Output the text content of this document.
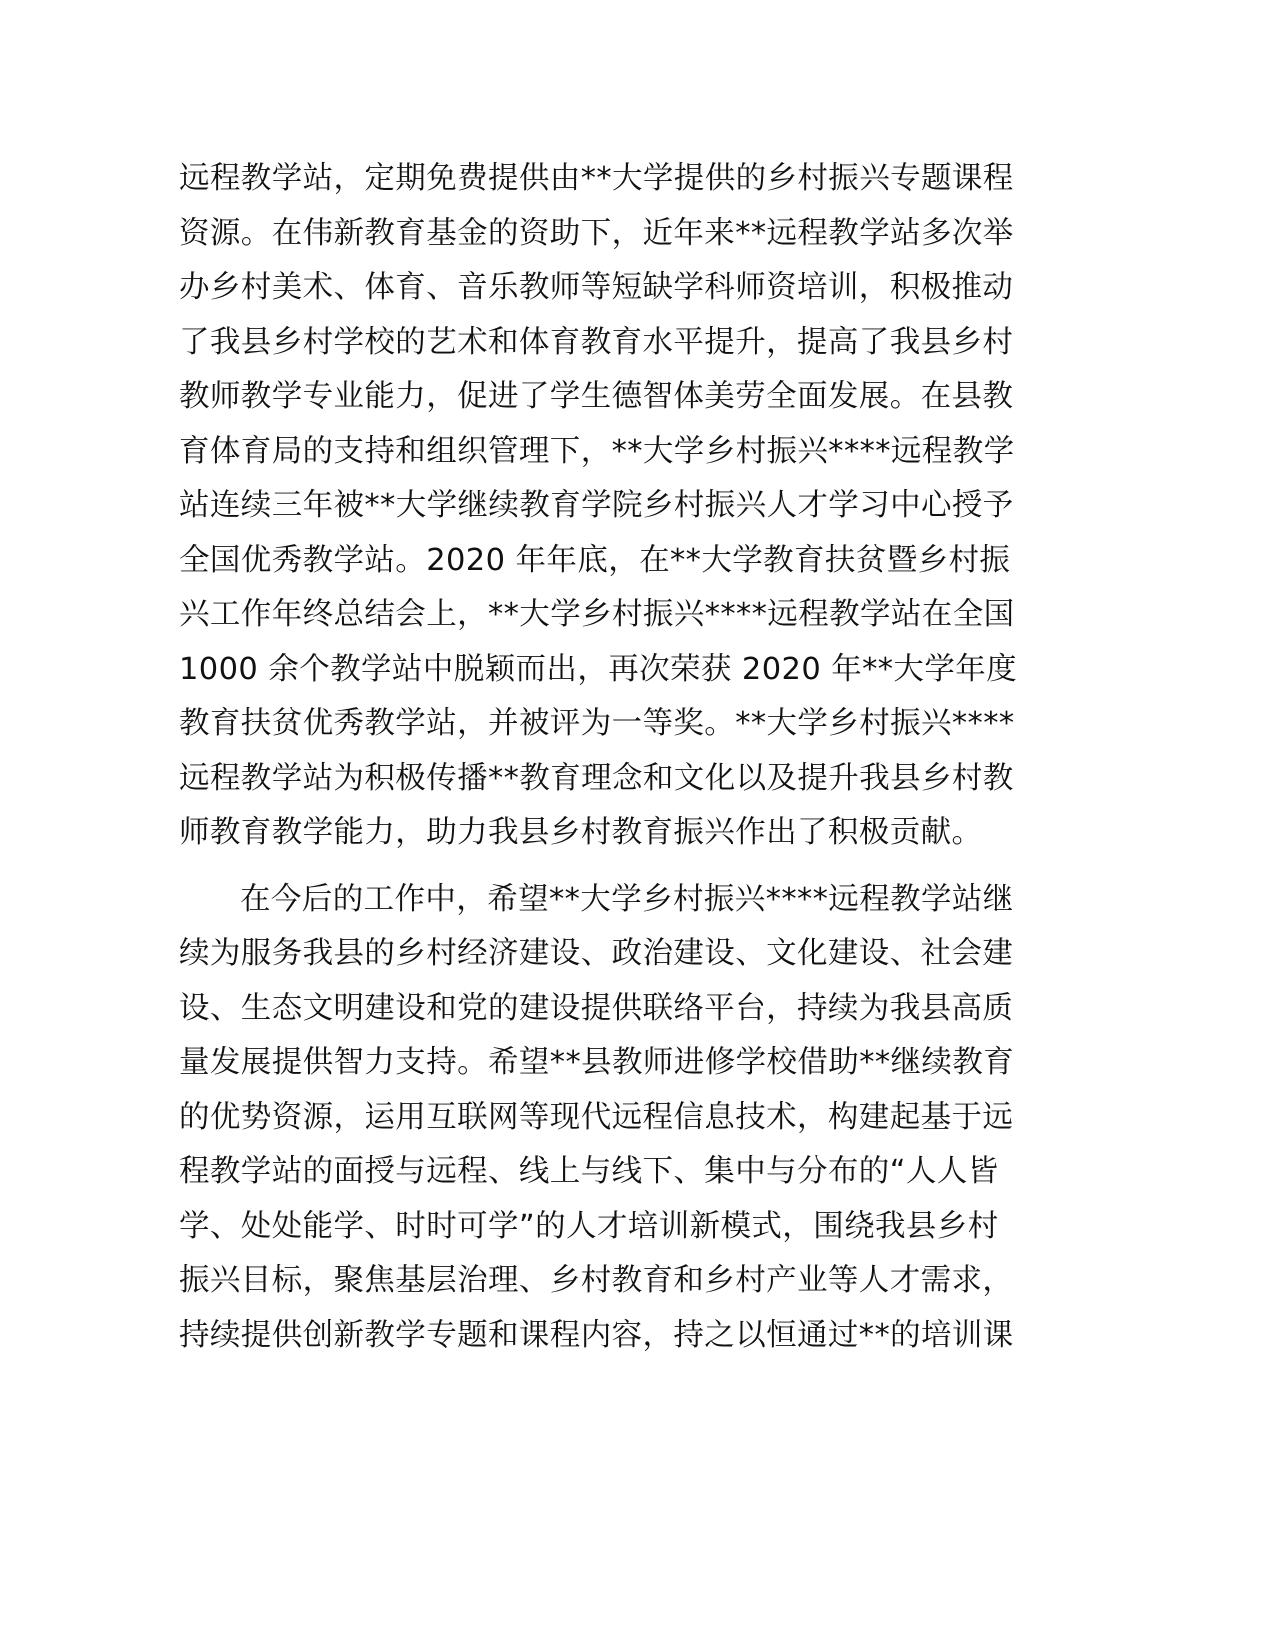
远程教学站，定期免费提供由**大学提供的乡村振兴专题课程
资源。在伟新教育基金的资助下，近年来**远程教学站多次举
办乡村美术、体育、音乐教师等短缺学科师资培训，积极推动
了我县乡村学校的艺术和体育教育水平提升，提高了我县乡村
教师教学专业能力，促进了学生德智体美劳全面发展。在县教
育体育局的支持和组织管理下，**大学乡村振兴****远程教学
站连续三年被**大学继续教育学院乡村振兴人才学习中心授予
全国优秀教学站。2020 年年底，在**大学教育扶贫暨乡村振
兴工作年终总结会上，**大学乡村振兴****远程教学站在全国
1000 余个教学站中脱颖而出，再次荣获 2020 年**大学年度
教育扶贫优秀教学站，并被评为一等奖。**大学乡村振兴****
远程教学站为积极传播**教育理念和文化以及提升我县乡村教
师教育教学能力，助力我县乡村教育振兴作出了积极贡献。
在今后的工作中，希望**大学乡村振兴****远程教学站继
续为服务我县的乡村经济建设、政治建设、文化建设、社会建
设、生态文明建设和党的建设提供联络平台，持续为我县高质
量发展提供智力支持。希望**县教师进修学校借助**继续教育
的优势资源，运用互联网等现代远程信息技术，构建起基于远
程教学站的面授与远程、线上与线下、集中与分布的“人人皆
学、处处能学、时时可学”的人才培训新模式，围绕我县乡村
振兴目标，聚焦基层治理、乡村教育和乡村产业等人才需求，
持续提供创新教学专题和课程内容，持之以恒通过**的培训课
